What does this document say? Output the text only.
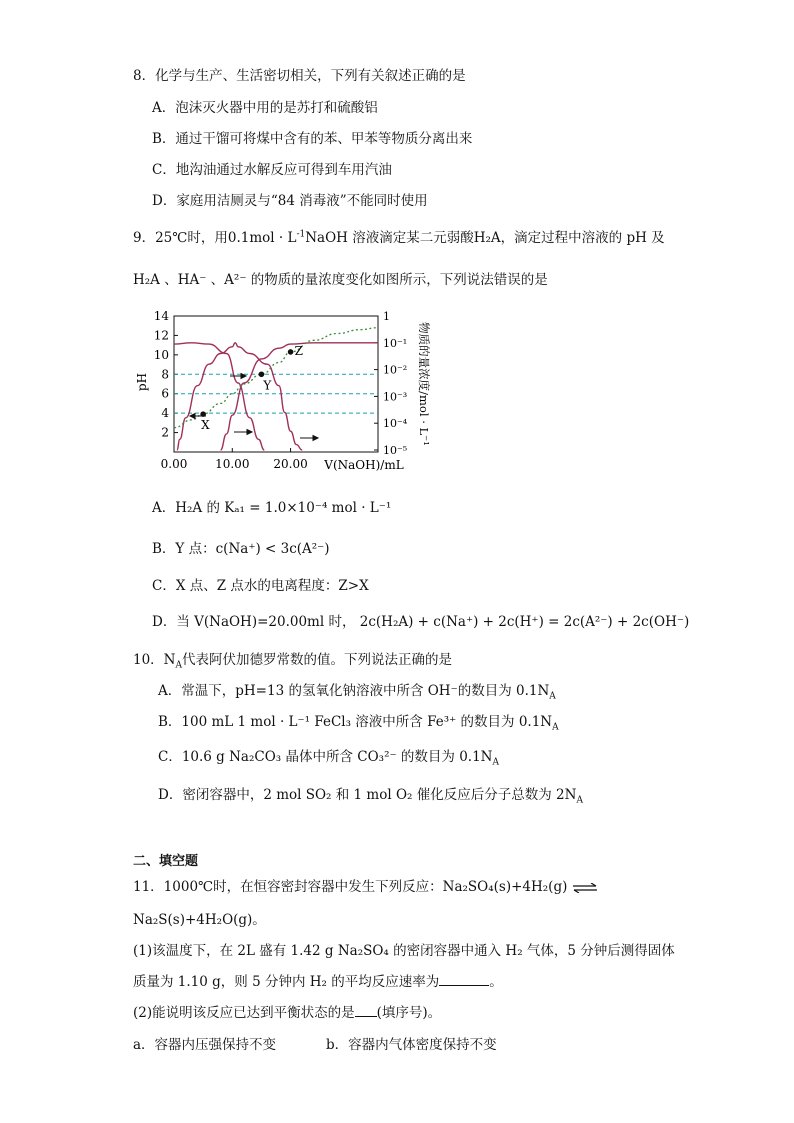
8．化学与生产、生活密切相关，下列有关叙述正确的是
A．泡沫灭火器中用的是苏打和硫酸铝
B．通过干馏可将煤中含有的苯、甲苯等物质分离出来
C．地沟油通过水解反应可得到车用汽油
D．家庭用洁厕灵与“84 消毒液”不能同时使用
9．25℃时，用$0.1mol \cdot L^{-1}NaOH$ 溶液滴定某二元弱酸H₂A，滴定过程中溶液的 pH 及
H₂A 、HA⁻ 、A²⁻ 的物质的量浓度变化如图所示，下列说法错误的是
2
4
6
8
10
12
14
10⁻⁵
10⁻⁴
10⁻³
10⁻²
10⁻¹
1
0.00 10.00 20.00
X
Y
Z
pH	物质的量浓度/mol · L⁻¹
V(NaOH)/mL
A．H₂A 的 Kₐ₁ = 1.0×10⁻⁴ mol · L⁻¹
B．Y 点：c(Na⁺) < 3c(A²⁻)
C．X 点、Z 点水的电离程度：Z>X
D．当 V(NaOH)=20.00ml 时， 2c(H₂A) + c(Na⁺) + 2c(H⁺) = 2c(A²⁻) + 2c(OH⁻)
10．$N_A$代表阿伏加德罗常数的值。下列说法正确的是
A．常温下，pH=13 的氢氧化钠溶液中所含 OH⁻的数目为 $0.1N_A$
B．100 mL 1 mol · L⁻¹ FeCl₃ 溶液中所含 Fe³⁺ 的数目为 $0.1N_A$
C．10.6 g Na₂CO₃ 晶体中所含 CO₃²⁻ 的数目为 $0.1N_A$
D．密闭容器中，2 mol SO₂ 和 1 mol O₂ 催化反应后分子总数为 $2N_A$
二、填空题
11．1000℃时，在恒容密封容器中发生下列反应：Na₂SO₄(s)+4H₂(g) ⇌
Na₂S(s)+4H₂O(g)。
(1)该温度下，在 2L 盛有 1.42 g Na₂SO₄ 的密闭容器中通入 H₂ 气体，5 分钟后测得固体
质量为 1.10 g，则 5 分钟内 H₂ 的平均反应速率为	。
(2)能说明该反应已达到平衡状态的是 (填序号)。
a．容器内压强保持不变	b．容器内气体密度保持不变
